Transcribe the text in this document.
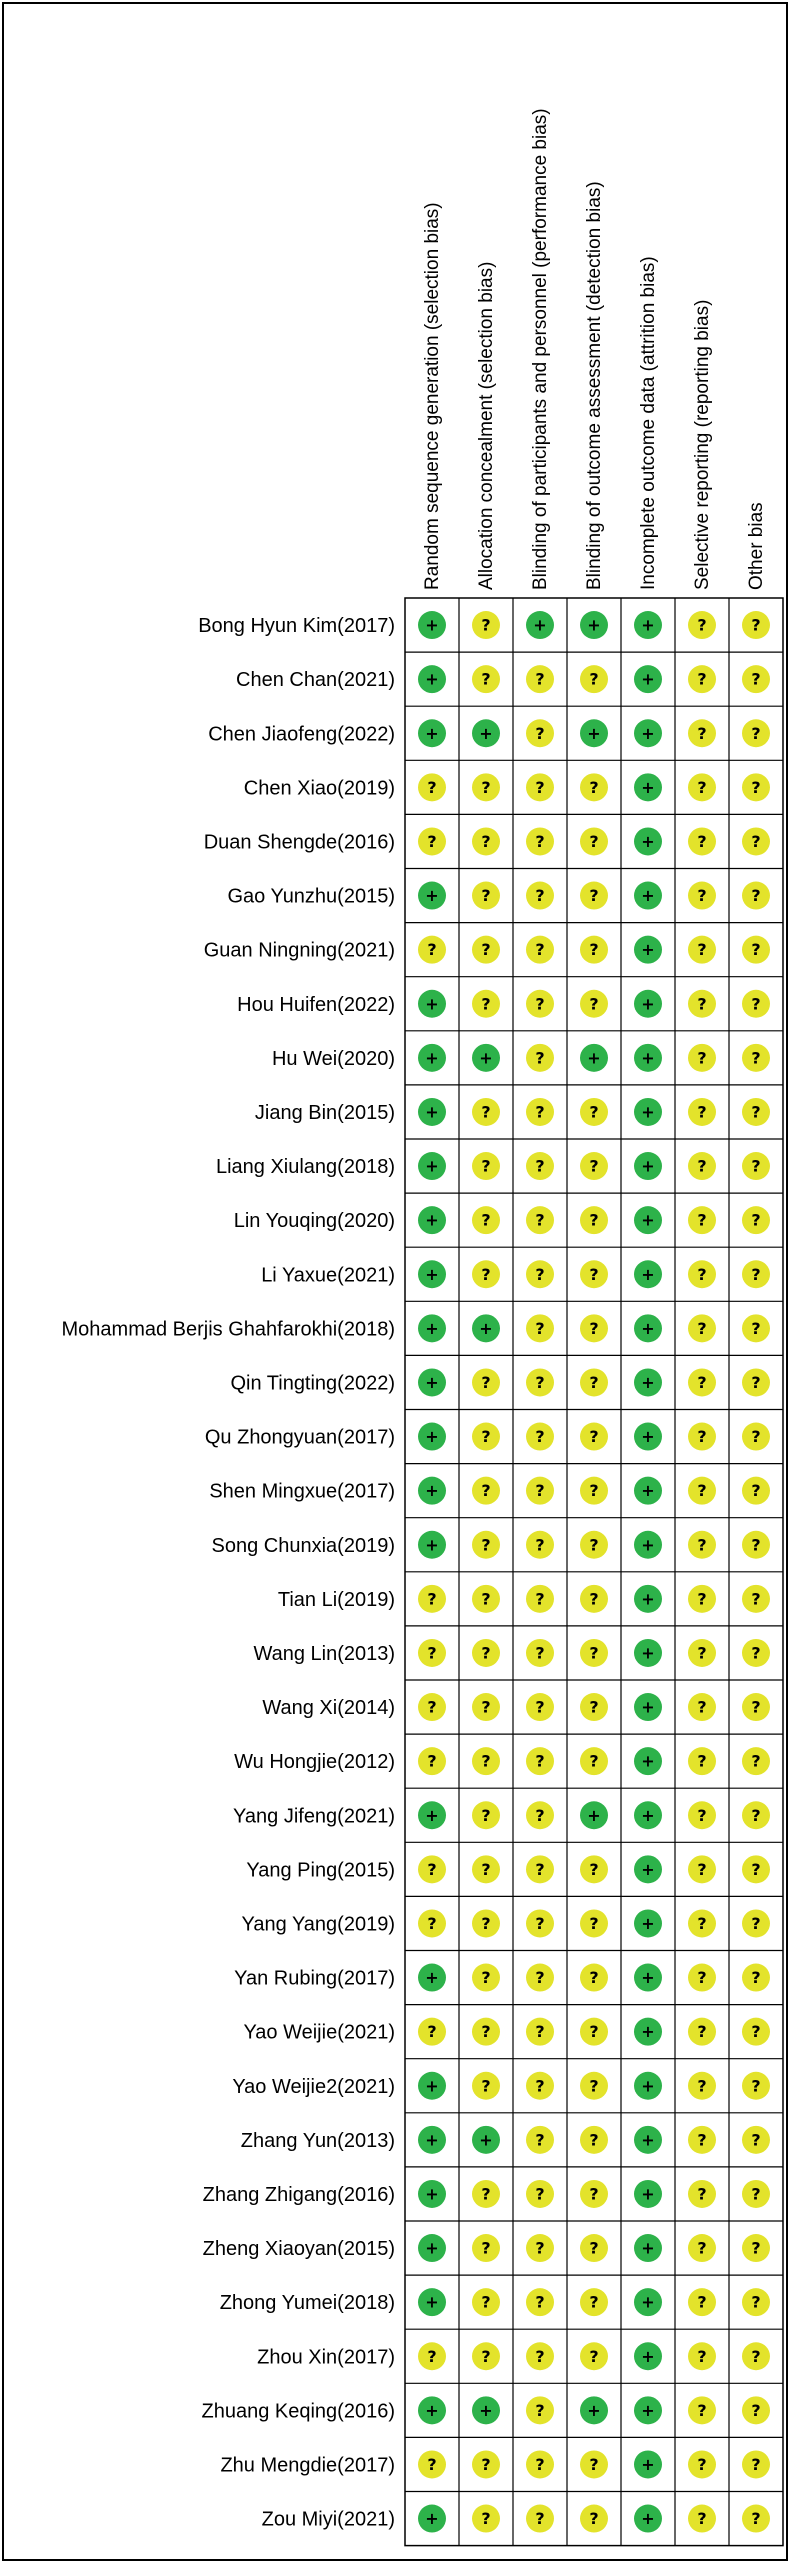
Random sequence generation (selection bias) Allocation concealment (selection bias) Blinding of participants and personnel (performance bias) Blinding of outcome assessment (detection bias) Incomplete outcome data (attrition bias) Selective reporting (reporting bias) Other bias
Bong Hyun Kim(2017) +	?	+	+	+	?	?
Chen Chan(2021) +	?	?	?	+	?	?
Chen Jiaofeng(2022) +	+	?	+	+	?	?
Chen Xiao(2019) ?	?	?	?	+	?	?
Duan Shengde(2016) ?	?	?	?	+	?	?
Gao Yunzhu(2015) +	?	?	?	+	?	?
Guan Ningning(2021) ?	?	?	?	+	?	?
Hou Huifen(2022) +	?	?	?	+	?	?
Hu Wei(2020) +	+	?	+	+	?	?
Jiang Bin(2015) +	?	?	?	+	?	?
Liang Xiulang(2018) +	?	?	?	+	?	?
Lin Youqing(2020) +	?	?	?	+	?	?
Li Yaxue(2021) +	?	?	?	+	?	?
Mohammad Berjis Ghahfarokhi(2018) +	+	?	?	+	?	?
Qin Tingting(2022) +	?	?	?	+	?	?
Qu Zhongyuan(2017) +	?	?	?	+	?	?
Shen Mingxue(2017) +	?	?	?	+	?	?
Song Chunxia(2019) +	?	?	?	+	?	?
Tian Li(2019) ?	?	?	?	+	?	?
Wang Lin(2013) ?	?	?	?	+	?	?
Wang Xi(2014) ?	?	?	?	+	?	?
Wu Hongjie(2012) ?	?	?	?	+	?	?
Yang Jifeng(2021) +	?	?	+	+	?	?
Yang Ping(2015) ?	?	?	?	+	?	?
Yang Yang(2019) ?	?	?	?	+	?	?
Yan Rubing(2017) +	?	?	?	+	?	?
Yao Weijie(2021) ?	?	?	?	+	?	?
Yao Weijie2(2021) +	?	?	?	+	?	?
Zhang Yun(2013) +	+	?	?	+	?	?
Zhang Zhigang(2016) +	?	?	?	+	?	?
Zheng Xiaoyan(2015) +	?	?	?	+	?	?
Zhong Yumei(2018) +	?	?	?	+	?	?
Zhou Xin(2017) ?	?	?	?	+	?	?
Zhuang Keqing(2016) +	+	?	+	+	?	?
Zhu Mengdie(2017) ?	?	?	?	+	?	?
Zou Miyi(2021) +	?	?	?	+	?	?
